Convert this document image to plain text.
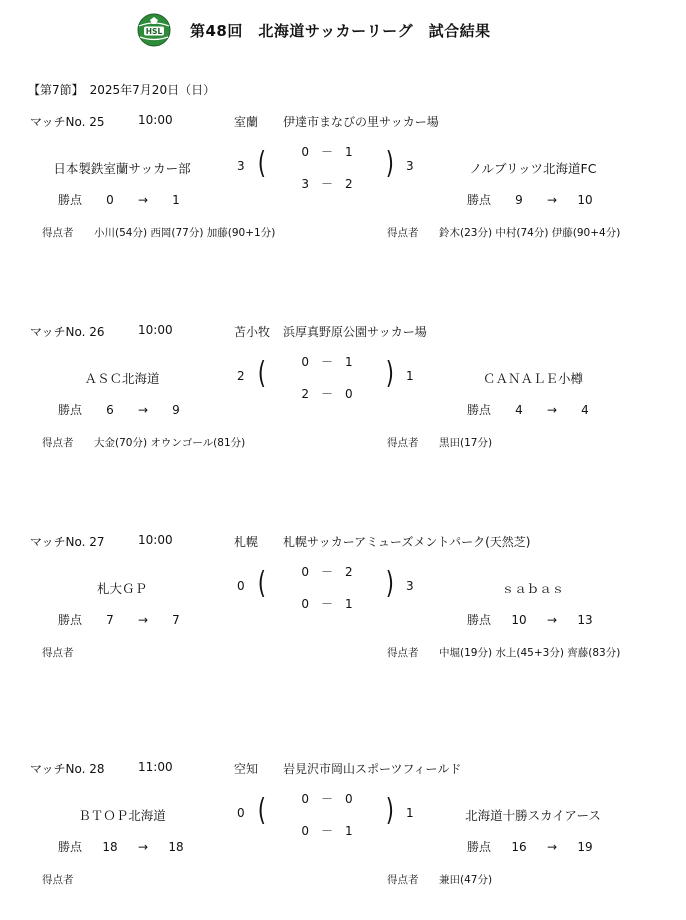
HSL 第48回　北海道サッカーリーグ　試合結果
【第7節】　2025年7月20日（日）
マッチNo. 25	10:00	室蘭 伊達市まなびの里サッカー場
日本製鉄室蘭サッカー部	3 (	0　 －　 1
3　 －　 2
) 3	ノルブリッツ北海道FC
勝点 0 → 1	勝点 9 → 10
得点者 小川(54分) 西岡(77分) 加藤(90+1分)	得点者 鈴木(23分) 中村(74分) 伊藤(90+4分)
マッチNo. 26	10:00	苫小牧 浜厚真野原公園サッカー場
ＡＳＣ北海道	2 (	0　 －　 1
2　 －　 0
) 1	ＣＡＮＡＬＥ小樽
勝点 6 → 9	勝点 4 → 4
得点者 大金(70分) オウンゴール(81分)	得点者 黒田(17分)
マッチNo. 27	10:00	札幌 札幌サッカーアミューズメントパーク(天然芝)
札大ＧＰ	0 (	0　 －　 2
0　 －　 1
) 3	ｓａｂａｓ
勝点 7 → 7	勝点 10 → 13
得点者	得点者 中堀(19分) 水上(45+3分) 齊藤(83分)
マッチNo. 28	11:00	空知 岩見沢市岡山スポーツフィールド
ＢＴＯＰ北海道	0 (	0　 －　 0
0　 －　 1
) 1	北海道十勝スカイアース
勝点 18 → 18	勝点 16 → 19
得点者	得点者 兼田(47分)
